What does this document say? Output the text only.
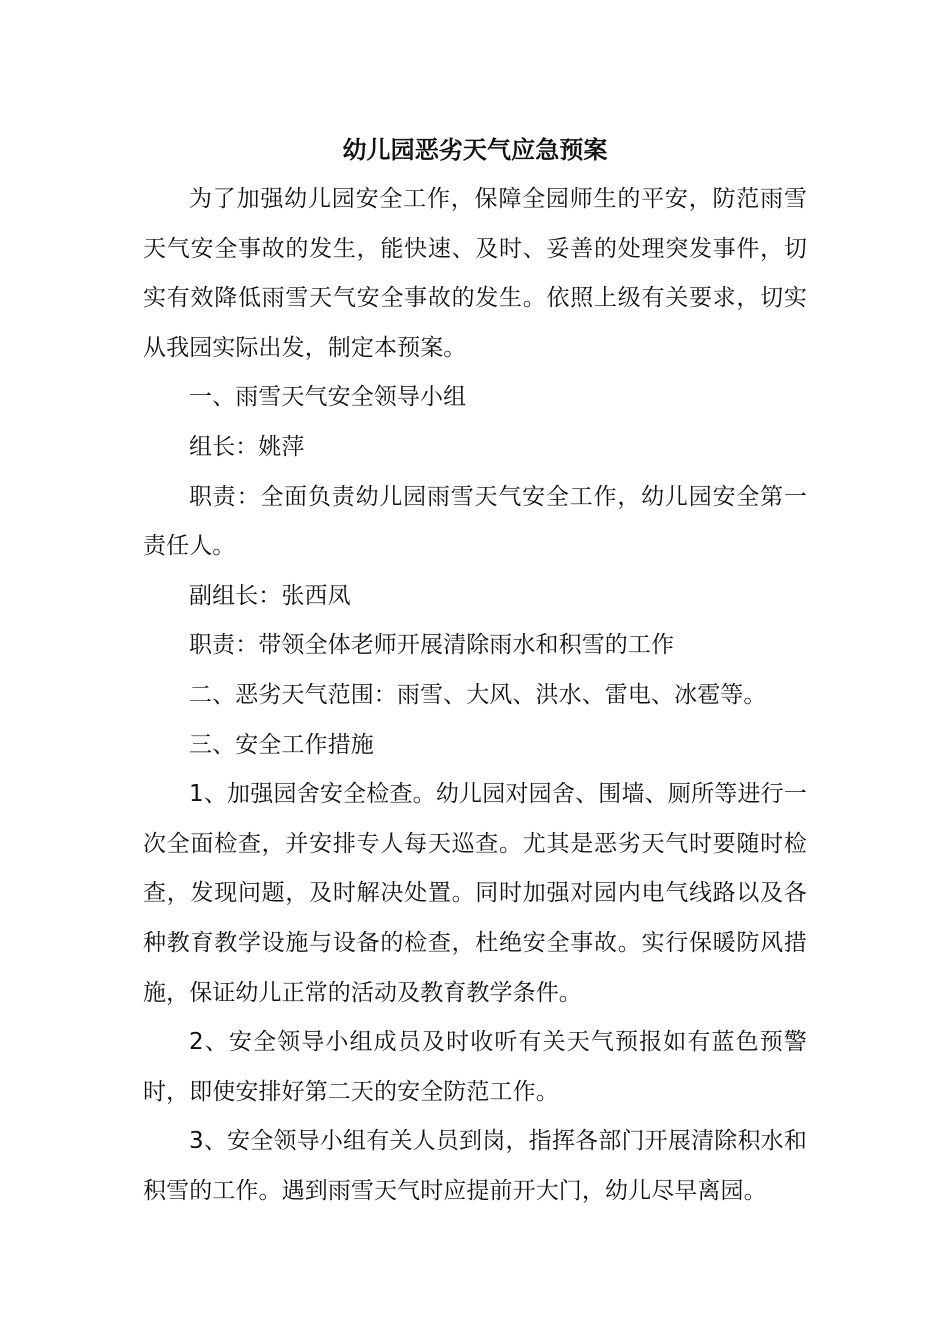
幼儿园恶劣天气应急预案

为了加强幼儿园安全工作，保障全园师生的平安，防范雨雪天气安全事故的发生，能快速、及时、妥善的处理突发事件，切实有效降低雨雪天气安全事故的发生。依照上级有关要求，切实从我园实际出发，制定本预案。

一、雨雪天气安全领导小组

组长：姚萍

职责：全面负责幼儿园雨雪天气安全工作，幼儿园安全第一责任人。

副组长：张西凤

职责：带领全体老师开展清除雨水和积雪的工作

二、恶劣天气范围：雨雪、大风、洪水、雷电、冰雹等。

三、安全工作措施

1、加强园舍安全检查。幼儿园对园舍、围墙、厕所等进行一次全面检查，并安排专人每天巡查。尤其是恶劣天气时要随时检查，发现问题，及时解决处置。同时加强对园内电气线路以及各种教育教学设施与设备的检查，杜绝安全事故。实行保暖防风措施，保证幼儿正常的活动及教育教学条件。

2、安全领导小组成员及时收听有关天气预报如有蓝色预警时，即使安排好第二天的安全防范工作。

3、安全领导小组有关人员到岗，指挥各部门开展清除积水和积雪的工作。遇到雨雪天气时应提前开大门，幼儿尽早离园。
